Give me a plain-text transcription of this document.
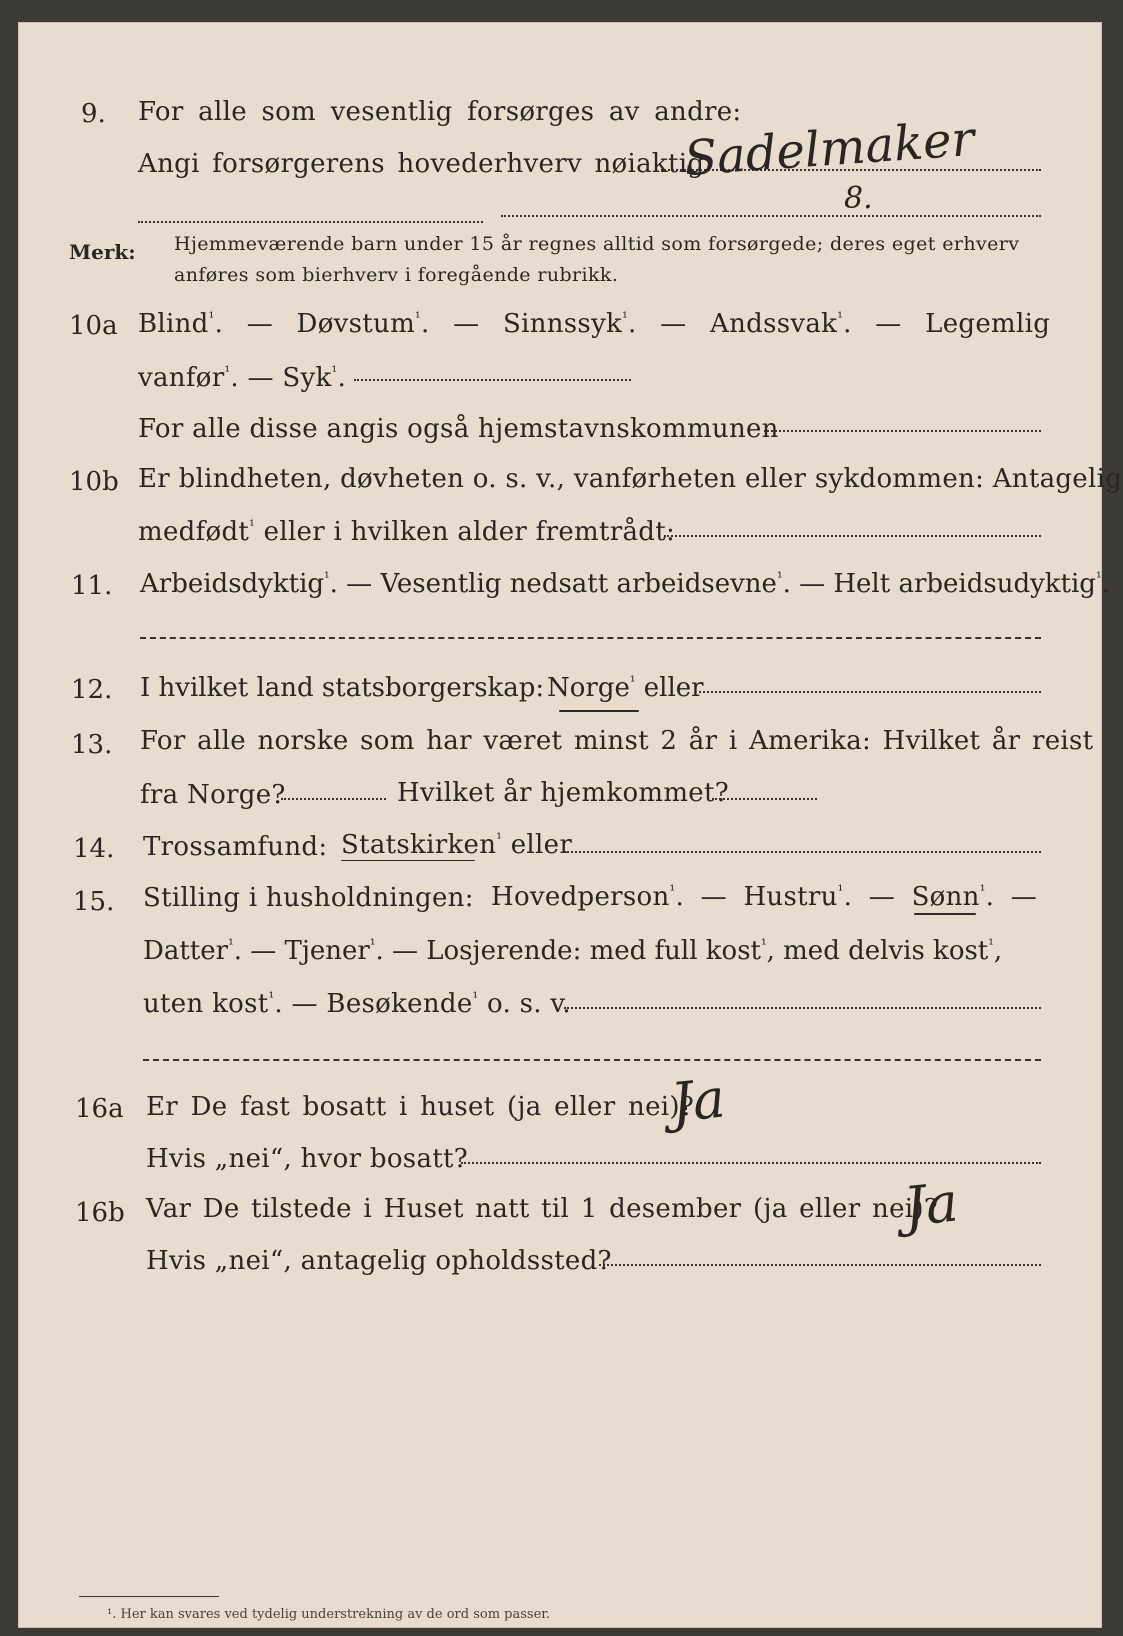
9. For alle som vesentlig forsørges av andre:
Angi forsørgerens hovederhverv nøiaktig
Sadelmaker
8.
Merk: Hjemmeværende barn under 15 år regnes alltid som forsørgede; deres eget erhverv
anføres som bierhverv i foregående rubrikk.
10a Blind$^{^1}$. — Døvstum$^{^1}$. — Sinnssyk$^{^1}$. — Andssvak$^{^1}$. — Legemlig
vanfør$^{^1}$. — Syk$^{^1}$.
For alle disse angis også hjemstavnskommunen
10b Er blindheten, døvheten o. s. v., vanførheten eller sykdommen: Antagelig
medfødt$^{^1}$ eller i hvilken alder fremtrådt:
11. Arbeidsdyktig$^{^1}$. — Vesentlig nedsatt arbeidsevne$^{^1}$. — Helt arbeidsudyktig$^{^1}$.
12. I hvilket land statsborgerskap: Norge$^{^1}$ eller
13. For alle norske som har været minst 2 år i Amerika: Hvilket år reist
fra Norge?	Hvilket år hjemkommet?
14. Trossamfund: Statskirken$^{^1}$ eller
15. Stilling i husholdningen: Hovedperson$^{^1}$. — Hustru$^{^1}$. — Sønn$^{^1}$. —
Datter$^{^1}$. — Tjener$^{^1}$. — Losjerende: med full kost$^{^1}$, med delvis kost$^{^1}$,
uten kost$^{^1}$. — Besøkende$^{^1}$ o. s. v.
16a Er De fast bosatt i huset (ja eller nei)?
Ja
Hvis „nei“, hvor bosatt?
16b Var De tilstede i Huset natt til 1 desember (ja eller nei)?
Ja
Hvis „nei“, antagelig opholdssted?
¹. Her kan svares ved tydelig understrekning av de ord som passer.
